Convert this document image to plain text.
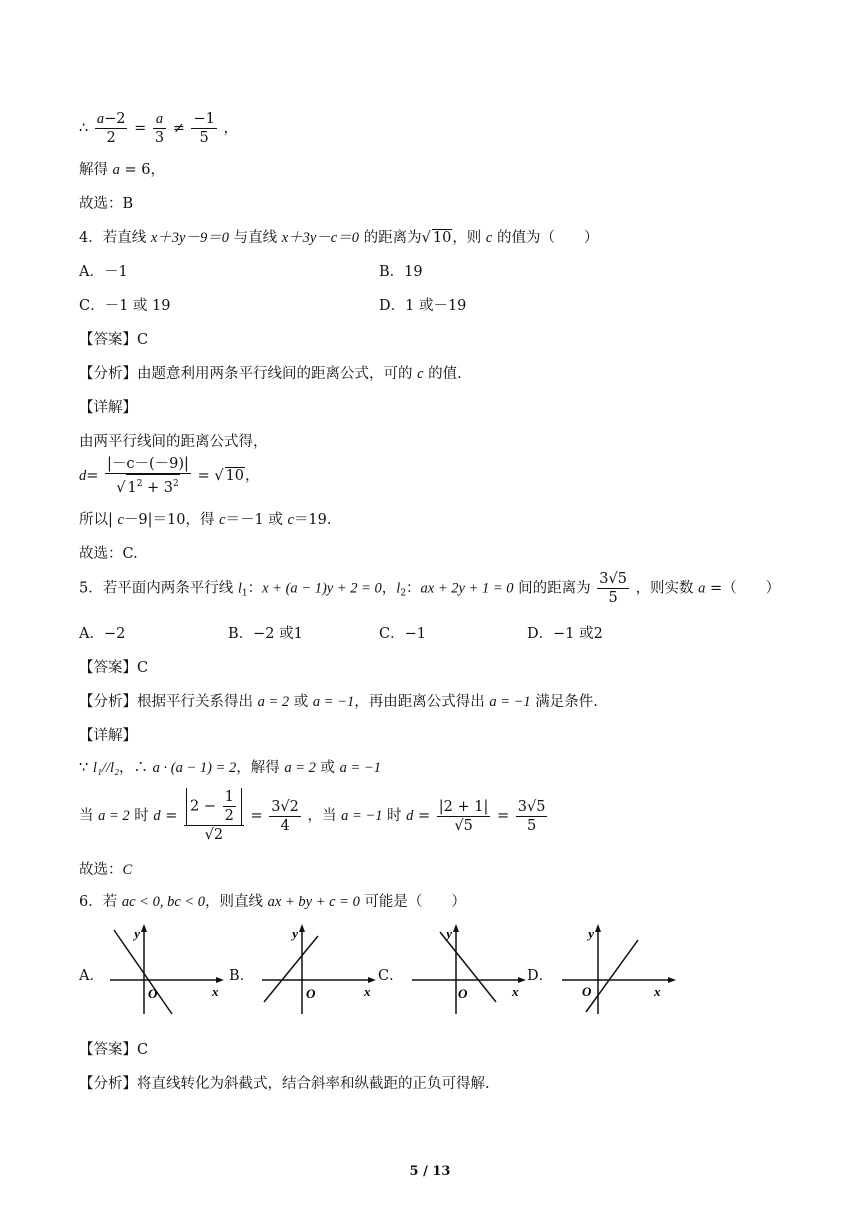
∴ $\frac{a-2}{2} = \frac{a}{3} \ne \frac{-1}{5}$ ，
解得 a = 6，
故选：B
4．若直线 x＋3y－9＝0 与直线 x＋3y－c＝0 的距离为√ 10，则 c 的值为（　　）
A．－1	B．19
C．－1 或 19	D．1 或－19
【答案】C
【分析】由题意利用两条平行线间的距离公式，可的 c 的值.
【详解】
由两平行线间的距离公式得，
$d= \frac{|-c-(-9)|}{√ 1^2 + 3^2}$ = √ 10，
所以| c－9|＝10，得 c＝－1 或 c＝19.
故选：C.
5．若平面内两条平行线 $l_1$：x + (a − 1)y + 2 = 0，$l_2$：ax + 2y + 1 = 0 间的距离为 $\frac{3√5}{5}$ ，则实数 a =（　　）
A．−2	B．−2 或1	C．−1	D．−1 或2
【答案】C
【分析】根据平行关系得出 a = 2 或 a = −1，再由距离公式得出 a = −1 满足条件.
【详解】
∵ l₁//l₂，∴ a · (a − 1) = 2，解得 a = 2 或 a = −1
当 a = 2 时 $d = \frac{2 - \frac{1}{2}}{√2} = \frac{3√2}{4}$ ，当 a = −1 时 $d = \frac{|2 + 1|}{√5} = \frac{3√5}{5}$
故选：C
6．若 ac < 0, bc < 0，则直线 ax + by + c = 0 可能是（　　）
A．	B．	C．	D．
y
O	x
y
O	x
y
O	x
y
O	x
【答案】C
【分析】将直线转化为斜截式，结合斜率和纵截距的正负可得解.
5 / 13
